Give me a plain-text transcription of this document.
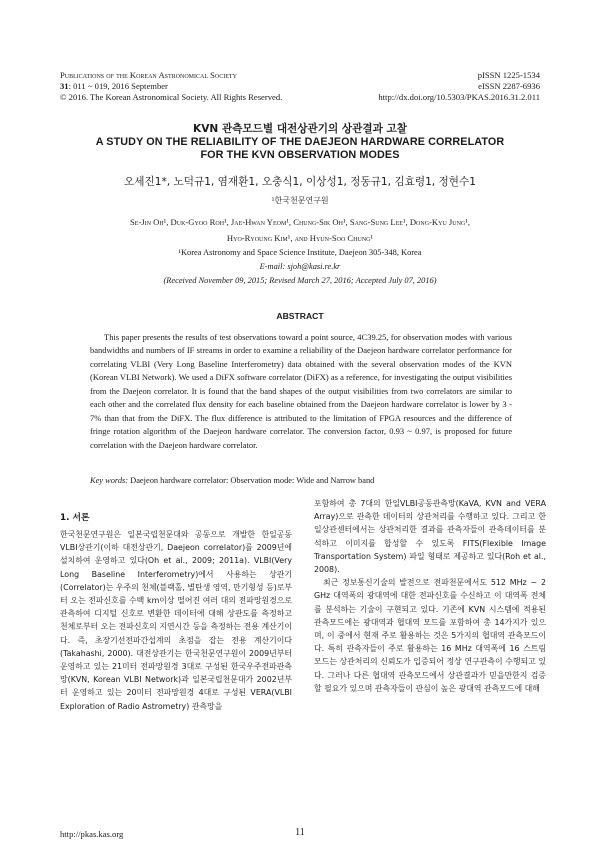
Publications of the Korean Astronomical Society
31: 011 ~ 019, 2016 September
© 2016. The Korean Astronomical Society. All Rights Reserved.
pISSN 1225-1534
eISSN 2287-6936
http://dx.doi.org/10.5303/PKAS.2016.31.2.011
KVN 관측모드별 대전상관기의 상관결과 고찰
A STUDY ON THE RELIABILITY OF THE DAEJEON HARDWARE CORRELATOR
FOR THE KVN OBSERVATION MODES
오세진1*, 노덕규1, 염재환1, 오충식1, 이상성1, 정동규1, 김효령1, 정현수1
¹한국천문연구원
Se-Jin Oh¹, Duk-Gyoo Roh¹, Jae-Hwan Yeom¹, Chung-Sik Oh¹, Sang-Sung Lee¹, Dong-Kyu Jung¹,
Hyo-Ryoung Kim¹, and Hyun-Soo Chung¹
¹Korea Astronomy and Space Science Institute, Daejeon 305-348, Korea
E-mail: sjoh@kasi.re.kr
(Received November 09, 2015; Revised March 27, 2016; Accepted July 07, 2016)
ABSTRACT

This paper presents the results of test observations toward a point source, 4C39.25, for observation modes with various bandwidths and numbers of IF streams in order to examine a reliability of the Daejeon hardware correlator performance for correlating VLBI (Very Long Baseline Interferometry) data obtained with the several observation modes of the KVN (Korean VLBI Network). We used a DiFX software correlator (DiFX) as a reference, for investigating the output visibilities from the Daejeon correlator. It is found that the band shapes of the output visibilities from two correlators are similar to each other and the correlated flux density for each baseline obtained from the Daejeon hardware correlator is lower by 3 - 7% than that from the DiFX. The flux difference is attributed to the limitation of FPGA resources and the difference of fringe rotation algorithm of the Daejeon hardware correlator. The conversion factor, 0.93 ~ 0.97, is proposed for future correlation with the Daejeon hardware correlator.

Key words: Daejeon hardware correlator: Observation mode: Wide and Narrow band
1. 서론

한국천문연구원은 일본국립천문대와 공동으로 개발한 한일공동VLBI상관기(이하 대전상관기, Daejeon correlator)를 2009년에 설치하여 운영하고 있다(Oh et al., 2009; 2011a). VLBI(Very Long Baseline Interferometry)에서 사용하는 상관기(Correlator)는 우주의 천체(블랙홀, 별탄생 영역, 만기형성 등)로부터 오는 전파신호를 수백 km이상 떨어진 여러 대의 전파망원경으로 관측하여 디지털 신호로 변환한 데이터에 대해 상관도를 측정하고 천체로부터 오는 전파신호의 지연시간 등을 측정하는 전용 계산기이다. 즉, 초장기선전파간섭계의 초점을 잡는 전용 계산기이다(Takahashi, 2000). 대전상관기는 한국천문연구원이 2009년부터 운영하고 있는 21미터 전파망원경 3대로 구성된 한국우주전파관측망(KVN, Korean VLBI Network)과 일본국립천문대가 2002년부터 운영하고 있는 20미터 전파망원경 4대로 구성된 VERA(VLBI Exploration of Radio Astrometry) 관측망을

포함하여 총 7대의 한일VLBI공동관측망(KaVA, KVN and VERA Array)으로 관측한 데이터의 상관처리를 수행하고 있다. 그리고 한일상관센터에서는 상관처리한 결과를 관측자들이 관측데이터를 분석하고 이미지를 합성할 수 있도록 FITS(Flexible Image Transportation System) 파일 형태로 제공하고 있다(Roh et al., 2008).

최근 정보통신기술의 발전으로 전파천문에서도 512 MHz ~ 2 GHz 대역폭의 광대역에 대한 전파신호를 수신하고 이 대역폭 전체를 분석하는 기술이 구현되고 있다. 기존에 KVN 시스템에 적용된 관측모드에는 광대역과 협대역 모드를 포함하여 총 14가지가 있으며, 이 중에서 현재 주로 활용하는 것은 5가지의 협대역 관측모드이다. 특히 관측자들이 주로 활용하는 16 MHz 대역폭에 16 스트림 모드는 상관처리의 신뢰도가 입증되어 정상 연구관측이 수행되고 있다. 그러나 다른 협대역 관측모드에서 상관결과가 믿을만한지 검증할 필요가 있으며 관측자들이 관심이 높은 광대역 관측모드에 대해

http://pkas.kas.org	11
